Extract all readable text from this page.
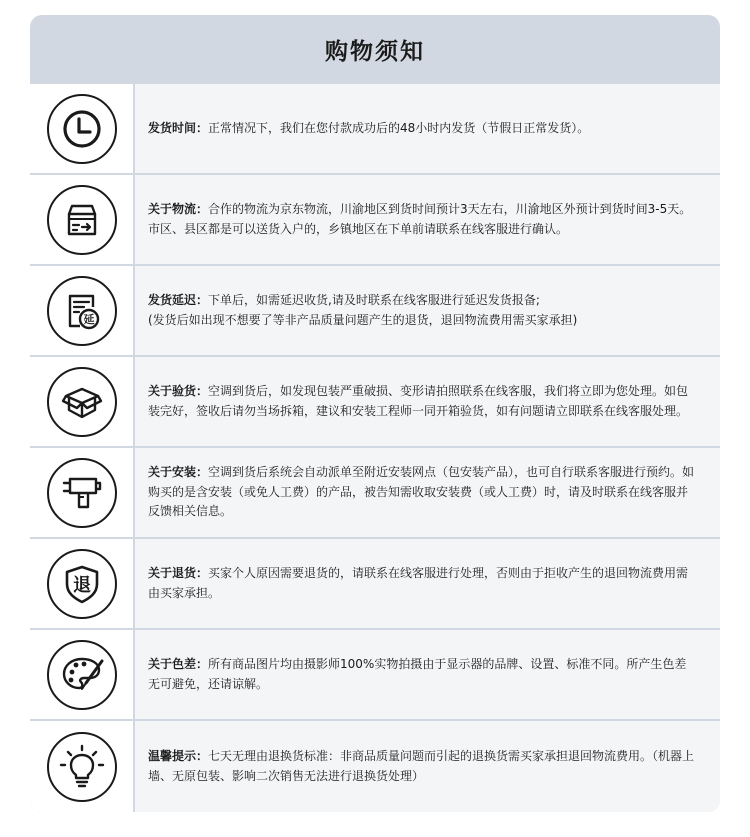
购物须知
发货时间：正常情况下，我们在您付款成功后的48小时内发货（节假日正常发货）。
关于物流：合作的物流为京东物流，川渝地区到货时间预计3天左右，川渝地区外预计到货时间3-5天。市区、县区都是可以送货入户的，乡镇地区在下单前请联系在线客服进行确认。
延
发货延迟：下单后，如需延迟收货,请及时联系在线客服进行延迟发货报备;
(发货后如出现不想要了等非产品质量问题产生的退货，退回物流费用需买家承担)
关于验货：空调到货后，如发现包装严重破损、变形请拍照联系在线客服，我们将立即为您处理。如包装完好，签收后请勿当场拆箱，建议和安装工程师一同开箱验货，如有问题请立即联系在线客服处理。
关于安装：空调到货后系统会自动派单至附近安装网点（包安装产品），也可自行联系客服进行预约。如购买的是含安装（或免人工费）的产品，被告知需收取安装费（或人工费）时，请及时联系在线客服并反馈相关信息。
退
关于退货：买家个人原因需要退货的，请联系在线客服进行处理，否则由于拒收产生的退回物流费用需由买家承担。
关于色差：所有商品图片均由摄影师100%实物拍摄由于显示器的品牌、设置、标准不同。所产生色差无可避免，还请谅解。
温馨提示：七天无理由退换货标准：非商品质量问题而引起的退换货需买家承担退回物流费用。（机器上墙、无原包装、影响二次销售无法进行退换货处理）
